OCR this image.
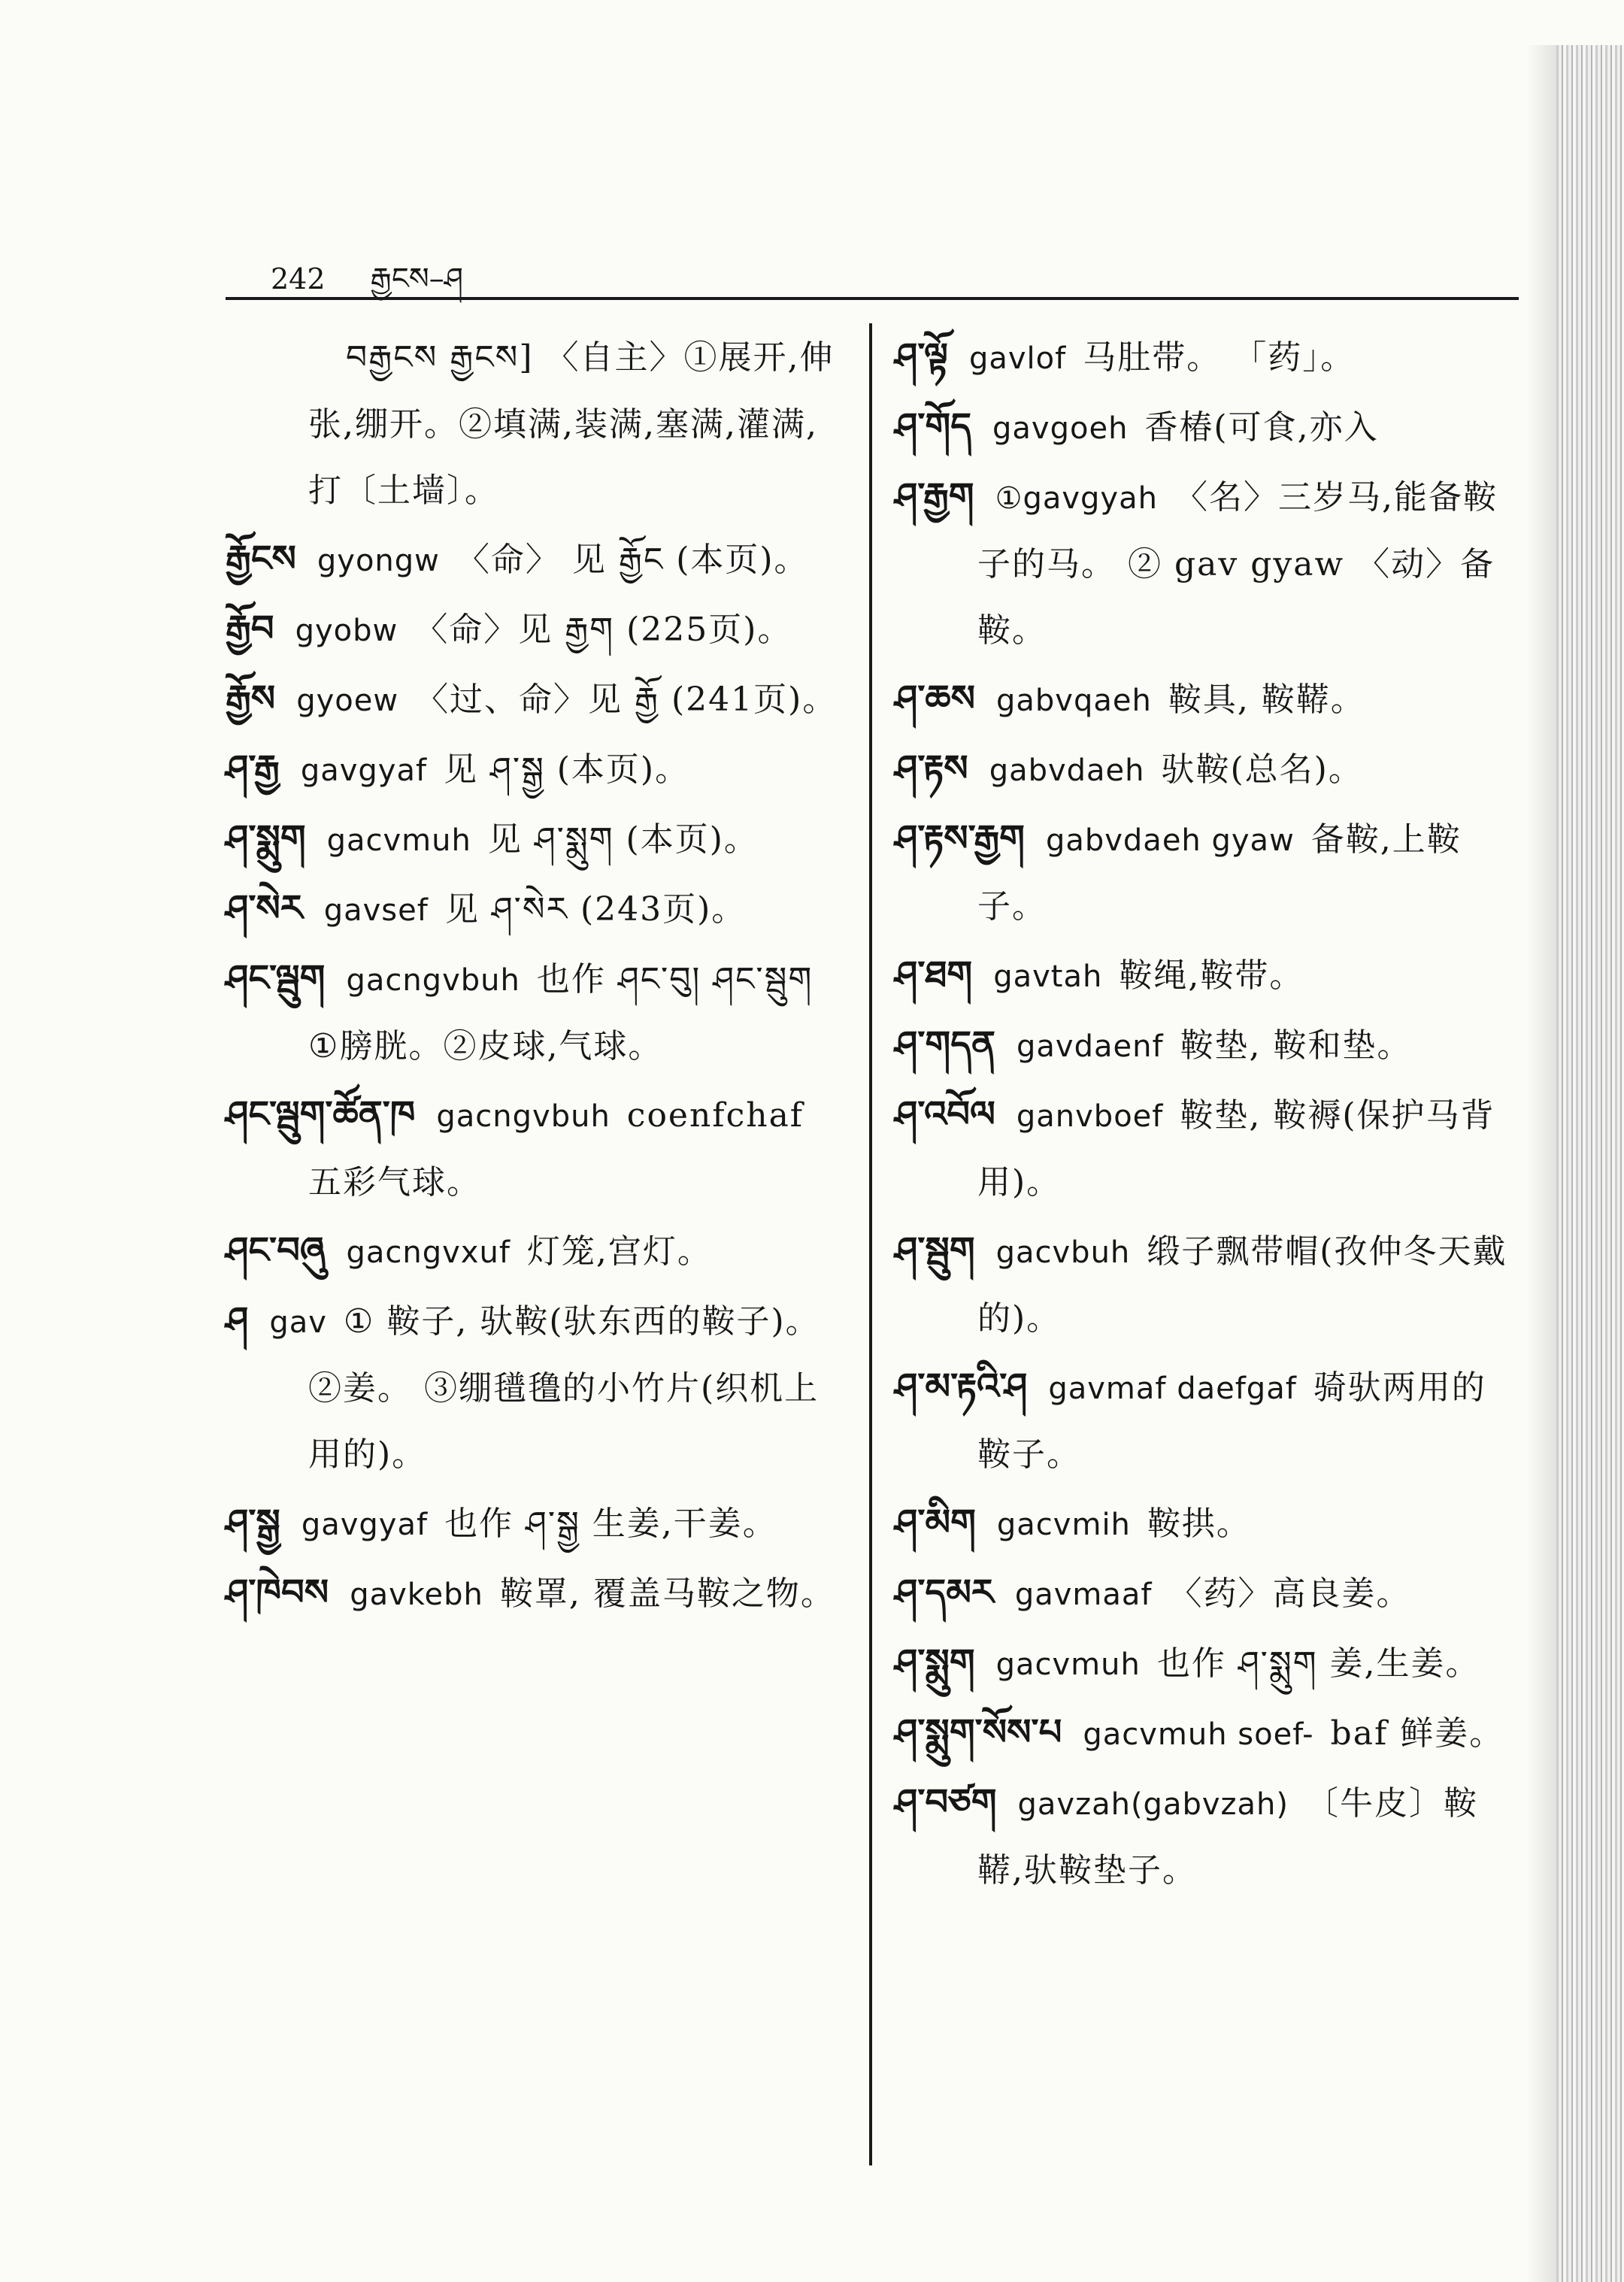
242 རྒྱངས–ཤ
བརྒྱངས རྒྱངས] 〈自主〉①展开,伸张,绷开。②填满,装满,塞满,灌满,打〔土墙〕。
རྒྱོངས gyongw 〈命〉 见 རྒྱོང (本页)。
རྒྱོབ gyobw 〈命〉见 རྒྱག (225页)。
རྒྱོས gyoew 〈过、命〉见 རྒྱོ (241页)。
ཤ་རྒྱ gavgyaf 见 ཤ་སྒྱ (本页)。
ཤ་སྨུག gacvmuh 见 ཤ་སྨུག (本页)。
ཤ་སེར gavsef 见 ཤ་སེར (243页)。
ཤང་ལྦུག gacngvbuh 也作 ཤང་བུ། ཤང་སྦུག ①膀胱。②皮球,气球。
ཤང་ལྦུག་ཚོན་ཁ gacngvbuh coenfchaf 五彩气球。
ཤང་བཞུ gacngvxuf 灯笼,宫灯。
ཤ gav ① 鞍子, 驮鞍(驮东西的鞍子)。②姜。 ③绷氆氇的小竹片(织机上用的)。
ཤ་སྒྱ gavgyaf 也作 ཤ་སྒྱ 生姜,干姜。
ཤ་ཁེབས gavkebh 鞍罩, 覆盖马鞍之物。
ཤ་ལྟོ gavlof 马肚带。 「药」。
ཤ་གོད gavgoeh 香椿(可食,亦入
ཤ་རྒྱག ①gavgyah 〈名〉三岁马,能备鞍子的马。 ② gav gyaw 〈动〉备鞍。
ཤ་ཆས gabvqaeh 鞍具, 鞍鞯。
ཤ་རྟས gabvdaeh 驮鞍(总名)。
ཤ་རྟས་རྒྱག gabvdaeh gyaw 备鞍,上鞍子。
ཤ་ཐག gavtah 鞍绳,鞍带。
ཤ་གདན gavdaenf 鞍垫, 鞍和垫。
ཤ་འབོལ ganvboef 鞍垫, 鞍褥(保护马背用)。
ཤ་སྦུག gacvbuh 缎子飘带帽(孜仲冬天戴的)。
ཤ་མ་རྟའི་ཤ gavmaf daefgaf 骑驮两用的鞍子。
ཤ་མིག gacvmih 鞍拱。
ཤ་དམར gavmaaf 〈药〉高良姜。
ཤ་སྨུག gacvmuh 也作 ཤ་སྨུག 姜,生姜。
ཤ་སྨུག་སོས་པ gacvmuh soef- baf 鲜姜。
ཤ་བཙག gavzah(gabvzah) 〔牛皮〕鞍鞯,驮鞍垫子。
